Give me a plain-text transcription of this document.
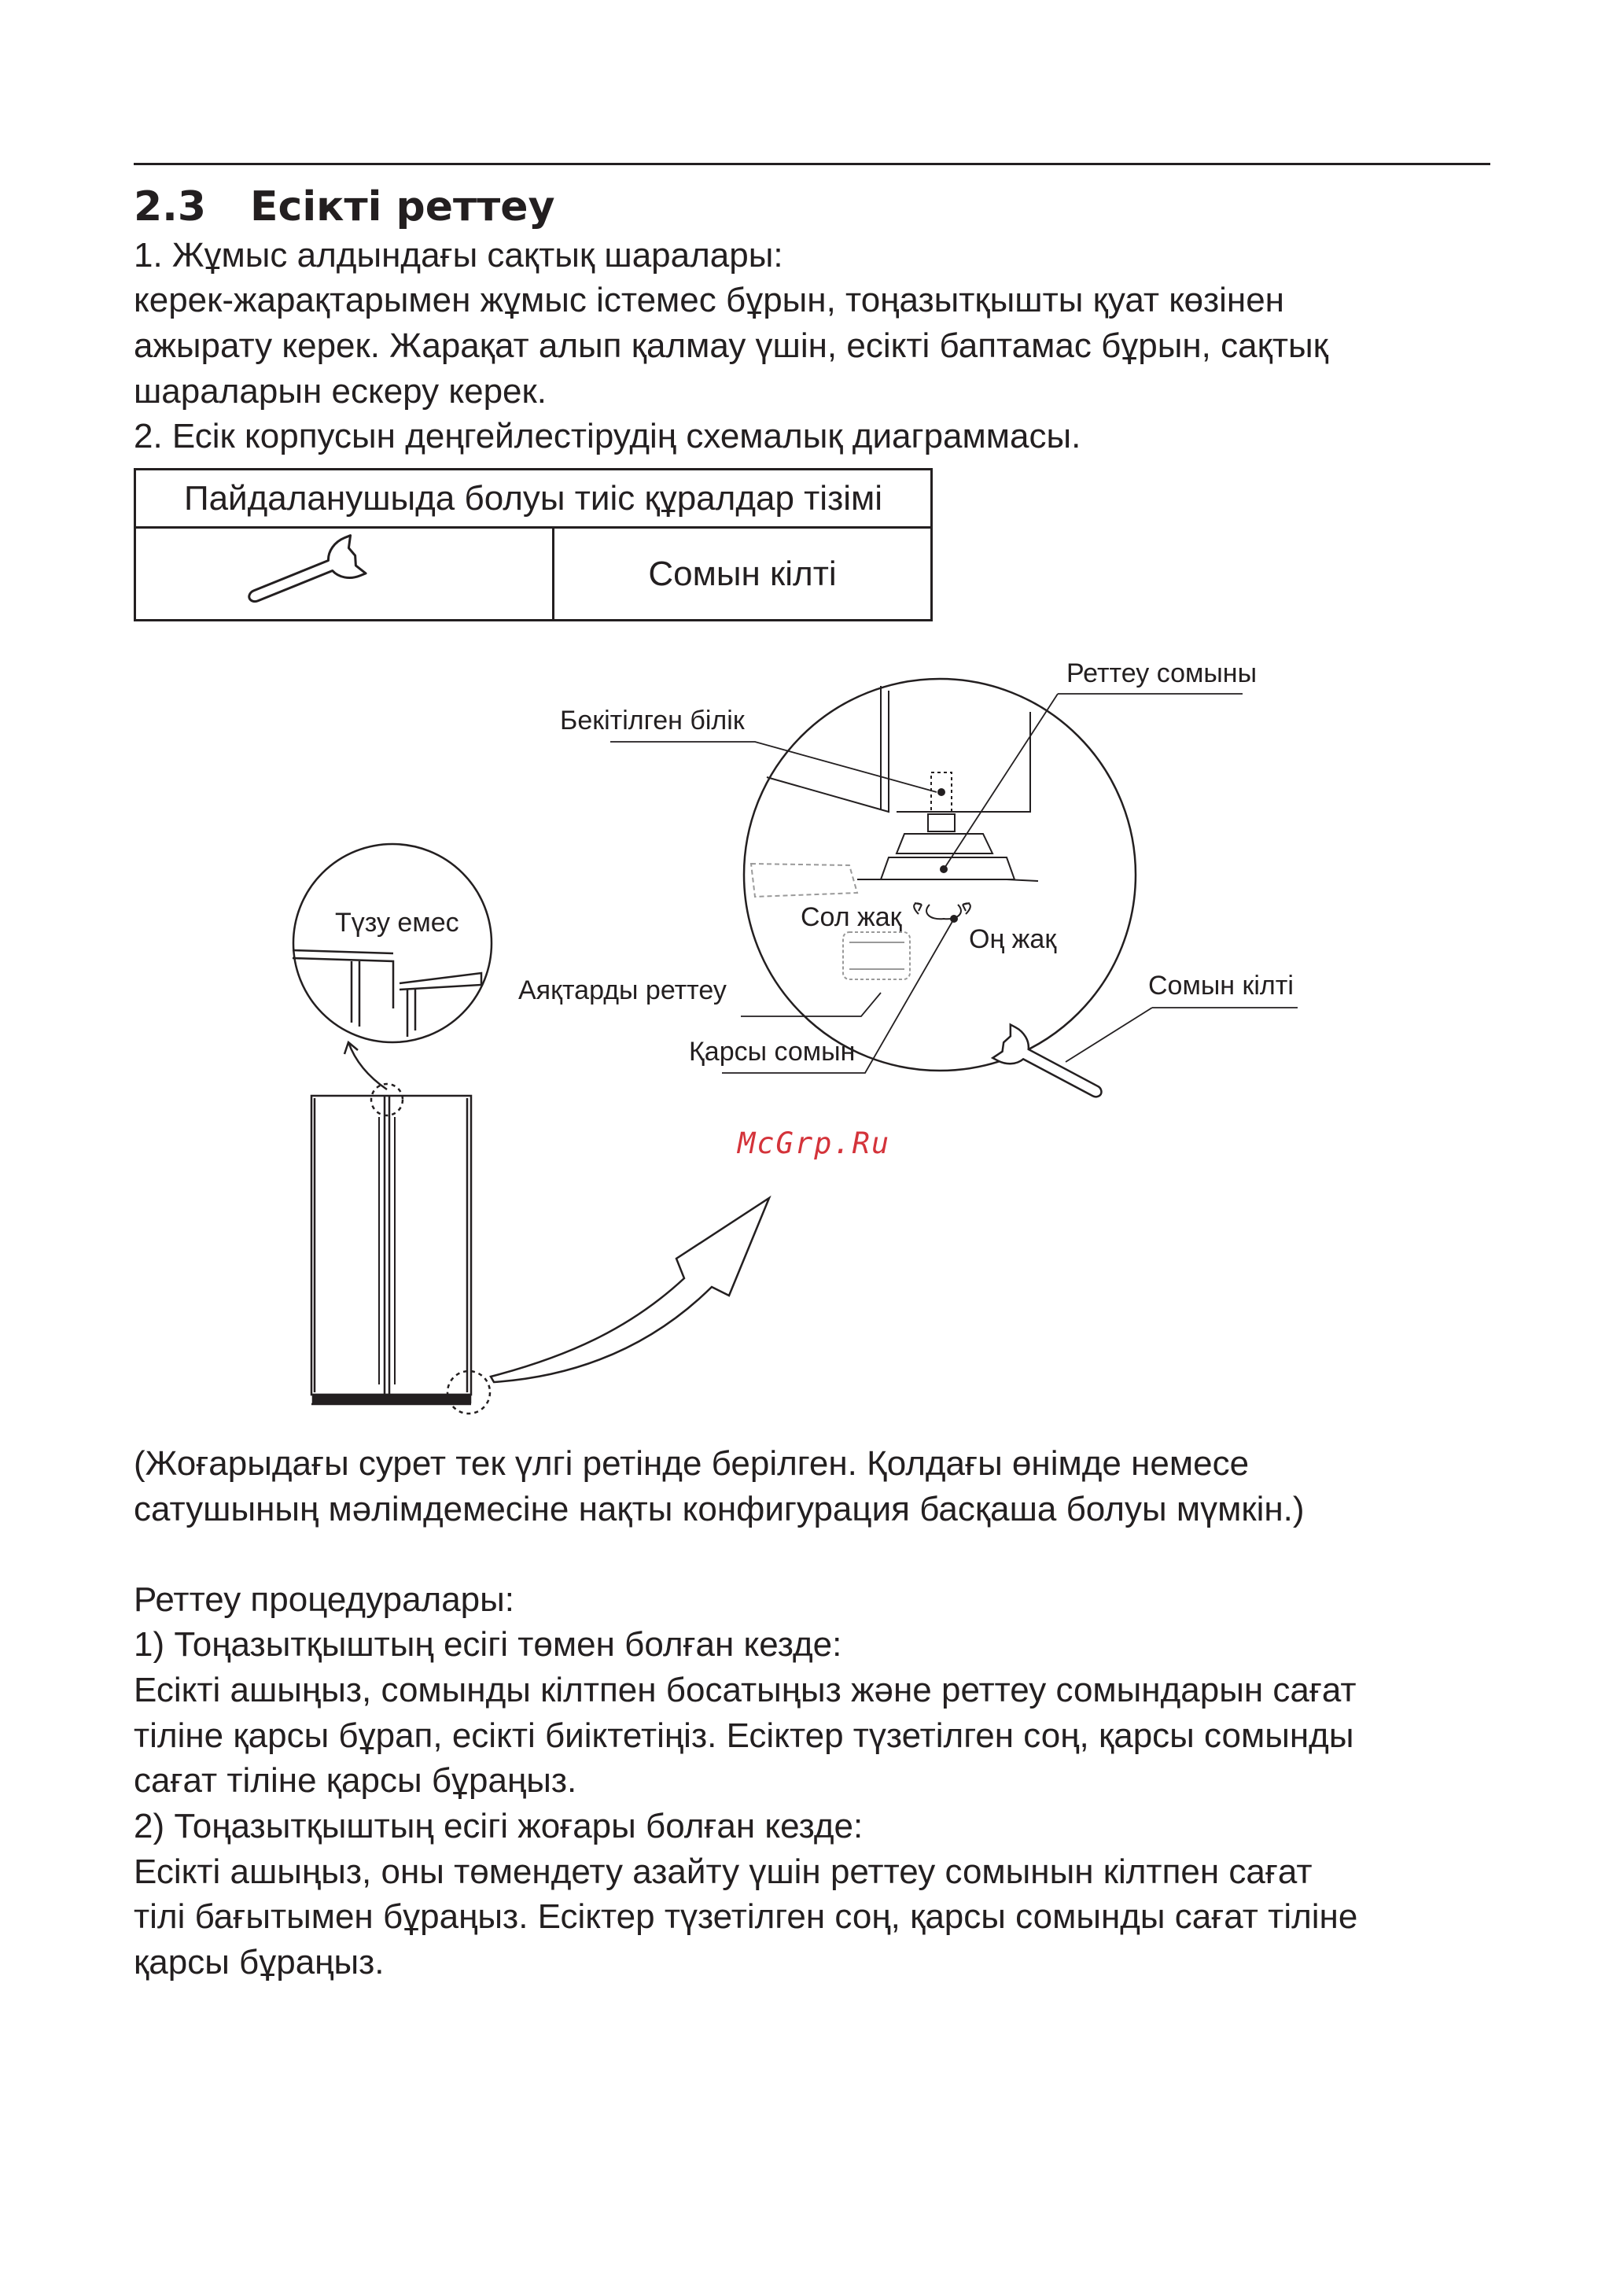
2.3 Есікті реттеу

1. Жұмыс алдындағы сақтық шаралары:

керек-жарақтарымен жұмыс істемес бұрын, тоңазытқышты қуат көзінен

ажырату керек. Жарақат алып қалмау үшін, есікті баптамас бұрын, сақтық

шараларын ескеру керек.

2. Есік корпусын деңгейлестірудің схемалық диаграммасы.

Пайдаланушыда болуы тиіс құралдар тізімі
Сомын кілті
Реттеу сомыны
Бекітілген білік
Түзу емес	Сол жақ
Оң жақ
Аяқтарды реттеу	Сомын кілті
Қарсы сомын
McGrp.Ru

(Жоғарыдағы сурет тек үлгі ретінде берілген. Қолдағы өнімде немесе

сатушының мәлімдемесіне нақты конфигурация басқаша болуы мүмкін.)

Реттеу процедуралары:

1) Тоңазытқыштың есігі төмен болған кезде:

Есікті ашыңыз, сомынды кілтпен босатыңыз және реттеу сомындарын сағат

тіліне қарсы бұрап, есікті биіктетіңіз. Есіктер түзетілген соң, қарсы сомынды

сағат тіліне қарсы бұраңыз.

2) Тоңазытқыштың есігі жоғары болған кезде:

Есікті ашыңыз, оны төмендету азайту үшін реттеу сомынын кілтпен сағат

тілі бағытымен бұраңыз. Есіктер түзетілген соң, қарсы сомынды сағат тіліне

қарсы бұраңыз.
